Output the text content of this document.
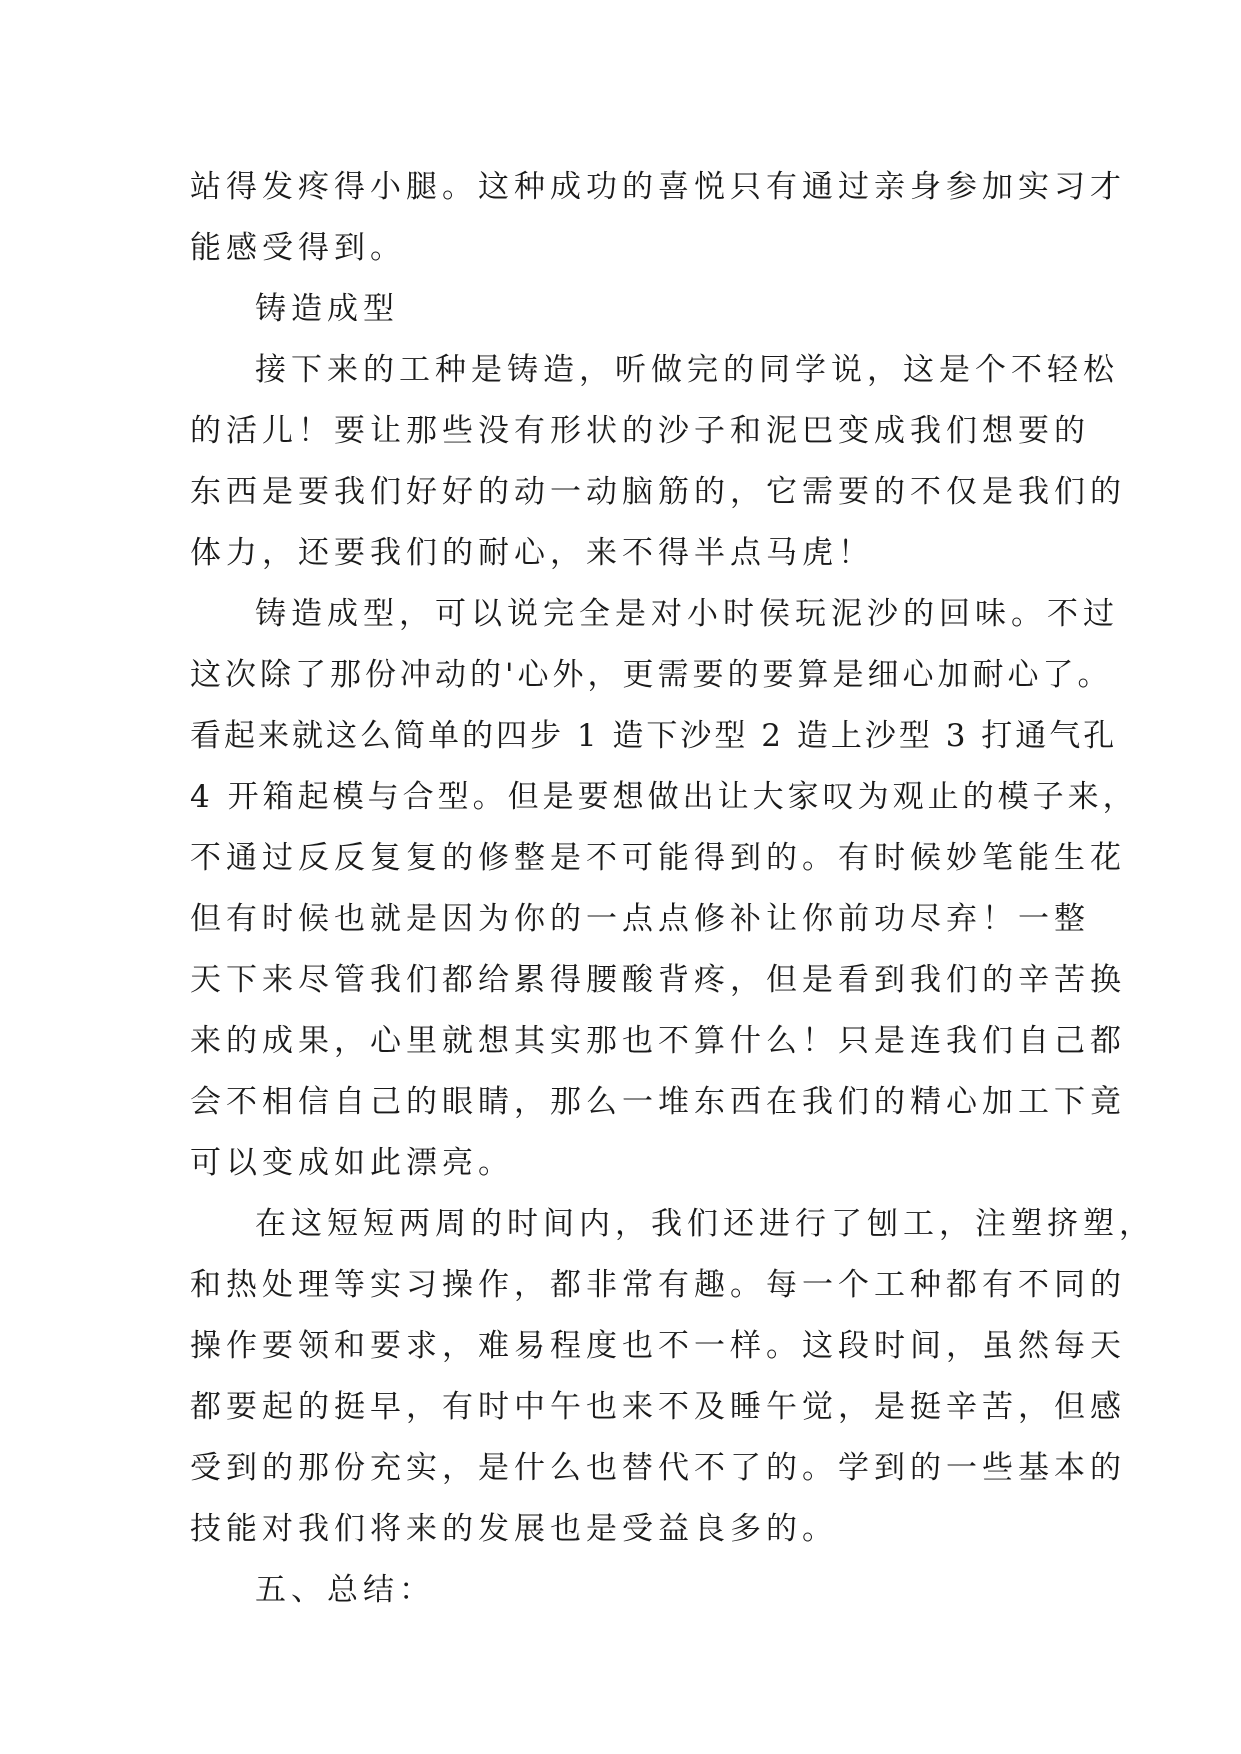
站得发疼得小腿。这种成功的喜悦只有通过亲身参加实习才
能感受得到。
铸造成型
接下来的工种是铸造，听做完的同学说，这是个不轻松
的活儿！要让那些没有形状的沙子和泥巴变成我们想要的
东西是要我们好好的动一动脑筋的，它需要的不仅是我们的
体力，还要我们的耐心，来不得半点马虎！
铸造成型，可以说完全是对小时侯玩泥沙的回味。不过
这次除了那份冲动的'心外，更需要的要算是细心加耐心了。
看起来就这么简单的四步 1 造下沙型 2 造上沙型 3 打通气孔
4 开箱起模与合型。但是要想做出让大家叹为观止的模子来，
不通过反反复复的修整是不可能得到的。有时候妙笔能生花
但有时候也就是因为你的一点点修补让你前功尽弃！一整
天下来尽管我们都给累得腰酸背疼，但是看到我们的辛苦换
来的成果，心里就想其实那也不算什么！只是连我们自己都
会不相信自己的眼睛，那么一堆东西在我们的精心加工下竟
可以变成如此漂亮。
在这短短两周的时间内，我们还进行了刨工，注塑挤塑，
和热处理等实习操作，都非常有趣。每一个工种都有不同的
操作要领和要求，难易程度也不一样。这段时间，虽然每天
都要起的挺早，有时中午也来不及睡午觉，是挺辛苦，但感
受到的那份充实，是什么也替代不了的。学到的一些基本的
技能对我们将来的发展也是受益良多的。
五、总结：
